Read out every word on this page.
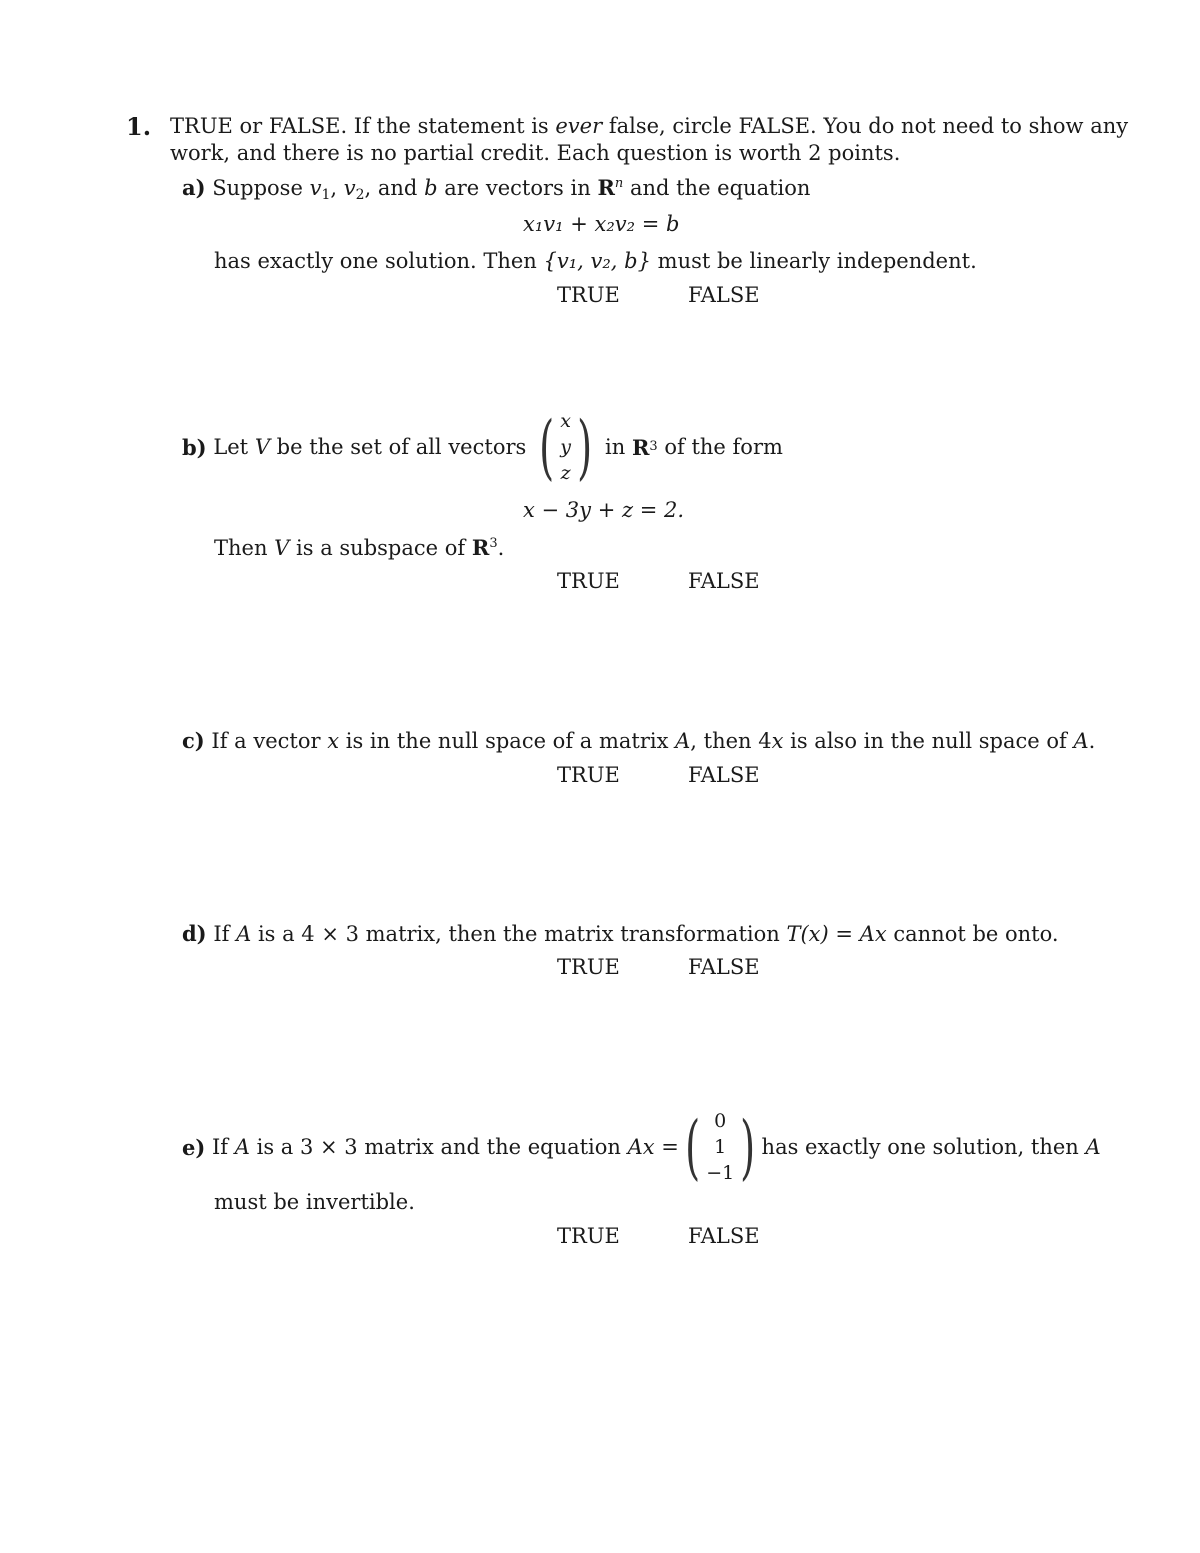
1. TRUE or FALSE. If the statement is ever false, circle FALSE. You do not need to show any
work, and there is no partial credit. Each question is worth 2 points.
a) Suppose $v_1$, $v_2$, and b are vectors in $R^n$ and the equation
x₁v₁ + x₂v₂ = b
has exactly one solution. Then {v₁, v₂, b} must be linearly independent.
TRUE	FALSE
b)
Let
V
be the set of all vectors
( x
y
z )
in
R 3
of the form
x − 3y + z = 2.
Then V is a subspace of $R^3$.
TRUE	FALSE
c) If a vector x is in the null space of a matrix A, then 4x is also in the null space of A.
TRUE	FALSE
d) If A is a 4 × 3 matrix, then the matrix transformation T(x) = Ax cannot be onto.
TRUE	FALSE
e)
If
A
is a 3 × 3 matrix and the equation
Ax = ( 0
1
−1 ) has exactly one solution, then
A
must be invertible.
TRUE	FALSE
